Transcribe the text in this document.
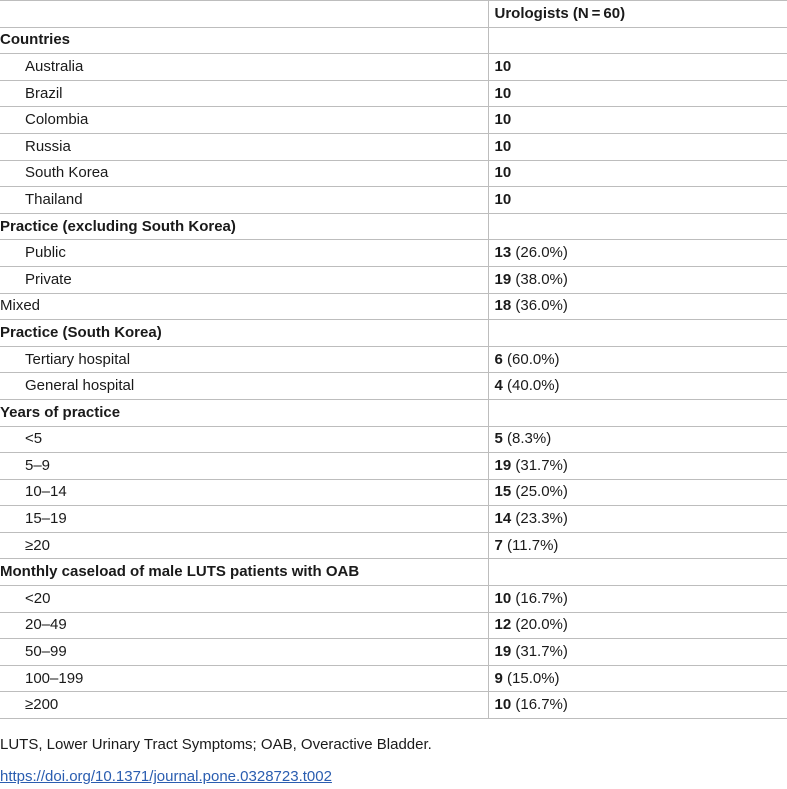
	Urologists (N = 60)
Countries	
Australia	10
Brazil	10
Colombia	10
Russia	10
South Korea	10
Thailand	10
Practice (excluding South Korea)	
Public	13 (26.0%)
Private	19 (38.0%)
Mixed	18 (36.0%)
Practice (South Korea)	
Tertiary hospital	6 (60.0%)
General hospital	4 (40.0%)
Years of practice	
<5	5 (8.3%)
5–9	19 (31.7%)
10–14	15 (25.0%)
15–19	14 (23.3%)
≥20	7 (11.7%)
Monthly caseload of male LUTS patients with OAB	
<20	10 (16.7%)
20–49	12 (20.0%)
50–99	19 (31.7%)
100–199	9 (15.0%)
≥200	10 (16.7%)
LUTS, Lower Urinary Tract Symptoms; OAB, Overactive Bladder.
https://doi.org/10.1371/journal.pone.0328723.t002
